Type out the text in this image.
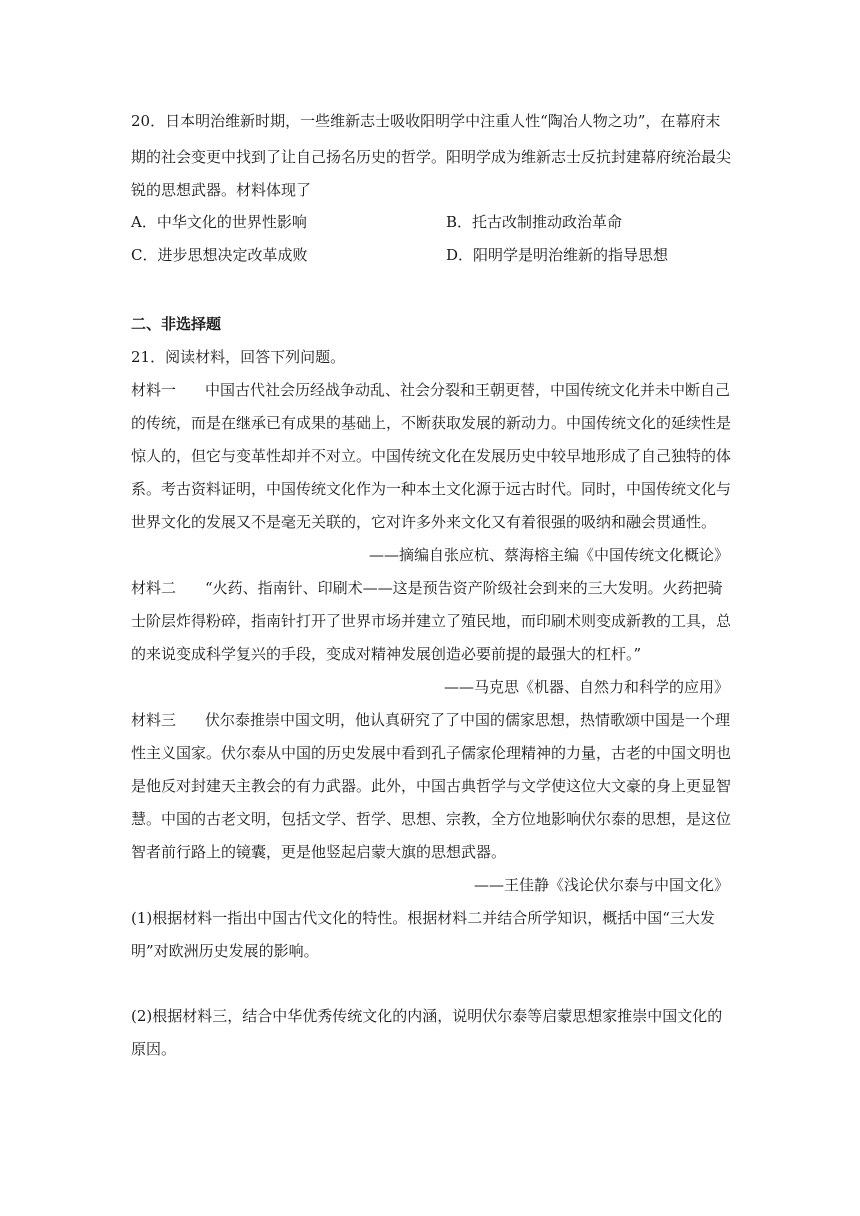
20．日本明治维新时期，一些维新志士吸收阳明学中注重人性“陶冶人物之功”，在幕府末
期的社会变更中找到了让自己扬名历史的哲学。阳明学成为维新志士反抗封建幕府统治最尖
锐的思想武器。材料体现了
A．中华文化的世界性影响	B．托古改制推动政治革命
C．进步思想决定改革成败	D．阳明学是明治维新的指导思想
二、非选择题
21．阅读材料，回答下列问题。
材料一 中国古代社会历经战争动乱、社会分裂和王朝更替，中国传统文化并未中断自己
的传统，而是在继承已有成果的基础上，不断获取发展的新动力。中国传统文化的延续性是
惊人的，但它与变革性却并不对立。中国传统文化在发展历史中较早地形成了自己独特的体
系。考古资料证明，中国传统文化作为一种本土文化源于远古时代。同时，中国传统文化与
世界文化的发展又不是毫无关联的，它对许多外来文化又有着很强的吸纳和融会贯通性。
——摘编自张应杭、蔡海榕主编《中国传统文化概论》
材料二 “火药、指南针、印刷术——这是预告资产阶级社会到来的三大发明。火药把骑
士阶层炸得粉碎，指南针打开了世界市场并建立了殖民地，而印刷术则变成新教的工具，总
的来说变成科学复兴的手段，变成对精神发展创造必要前提的最强大的杠杆。”
——马克思《机器、自然力和科学的应用》
材料三 伏尔泰推崇中国文明，他认真研究了了中国的儒家思想，热情歌颂中国是一个理
性主义国家。伏尔泰从中国的历史发展中看到孔子儒家伦理精神的力量，古老的中国文明也
是他反对封建天主教会的有力武器。此外，中国古典哲学与文学使这位大文豪的身上更显智
慧。中国的古老文明，包括文学、哲学、思想、宗教，全方位地影响伏尔泰的思想，是这位
智者前行路上的镜囊，更是他竖起启蒙大旗的思想武器。
——王佳静《浅论伏尔泰与中国文化》
(1)根据材料一指出中国古代文化的特性。根据材料二并结合所学知识，概括中国“三大发
明”对欧洲历史发展的影响。
(2)根据材料三，结合中华优秀传统文化的内涵，说明伏尔泰等启蒙思想家推崇中国文化的
原因。
